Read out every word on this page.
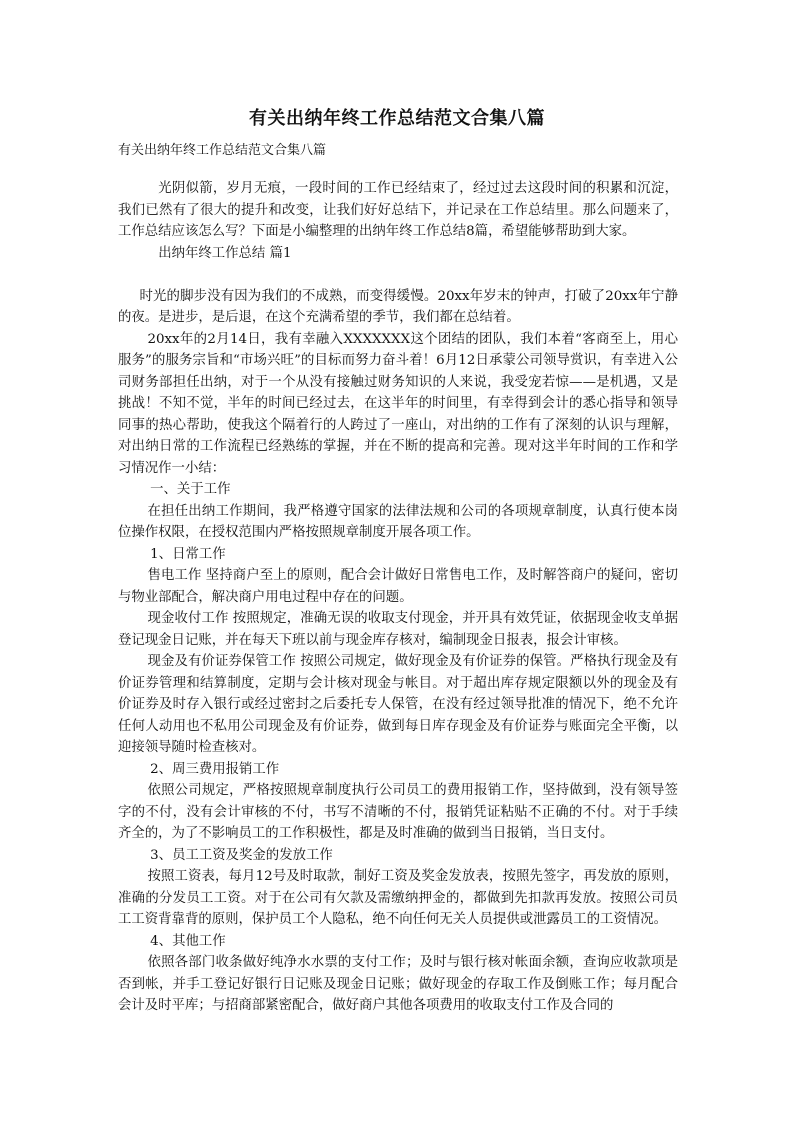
有关出纳年终工作总结范文合集八篇
有关出纳年终工作总结范文合集八篇

光阴似箭，岁月无痕，一段时间的工作已经结束了，经过过去这段时间的积累和沉淀，我们已然有了很大的提升和改变，让我们好好总结下，并记录在工作总结里。那么问题来了，工作总结应该怎么写？下面是小编整理的出纳年终工作总结8篇，希望能够帮助到大家。

出纳年终工作总结 篇1

时光的脚步没有因为我们的不成熟，而变得缓慢。20xx年岁末的钟声，打破了20xx年宁静的夜。是进步，是后退，在这个充满希望的季节，我们都在总结着。

20xx年的2月14日，我有幸融入XXXXXXX这个团结的团队，我们本着“客商至上，用心服务”的服务宗旨和“市场兴旺”的目标而努力奋斗着！6月12日承蒙公司领导赏识，有幸进入公司财务部担任出纳，对于一个从没有接触过财务知识的人来说，我受宠若惊——是机遇，又是挑战！不知不觉，半年的时间已经过去，在这半年的时间里，有幸得到会计的悉心指导和领导同事的热心帮助，使我这个隔着行的人跨过了一座山，对出纳的工作有了深刻的认识与理解，对出纳日常的工作流程已经熟练的掌握，并在不断的提高和完善。现对这半年时间的工作和学习情况作一小结：

一、关于工作

在担任出纳工作期间，我严格遵守国家的法律法规和公司的各项规章制度，认真行使本岗位操作权限，在授权范围内严格按照规章制度开展各项工作。

1、日常工作

售电工作 坚持商户至上的原则，配合会计做好日常售电工作，及时解答商户的疑问，密切与物业部配合，解决商户用电过程中存在的问题。

现金收付工作 按照规定，准确无误的收取支付现金，并开具有效凭证，依据现金收支单据登记现金日记账，并在每天下班以前与现金库存核对，编制现金日报表，报会计审核。

现金及有价证券保管工作 按照公司规定，做好现金及有价证券的保管。严格执行现金及有价证券管理和结算制度，定期与会计核对现金与帐目。对于超出库存规定限额以外的现金及有价证券及时存入银行或经过密封之后委托专人保管，在没有经过领导批准的情况下，绝不允许任何人动用也不私用公司现金及有价证券，做到每日库存现金及有价证券与账面完全平衡，以迎接领导随时检查核对。

2、周三费用报销工作

依照公司规定，严格按照规章制度执行公司员工的费用报销工作，坚持做到，没有领导签字的不付，没有会计审核的不付，书写不清晰的不付，报销凭证粘贴不正确的不付。对于手续齐全的，为了不影响员工的工作积极性，都是及时准确的做到当日报销，当日支付。

3、员工工资及奖金的发放工作

按照工资表，每月12号及时取款，制好工资及奖金发放表，按照先签字，再发放的原则，准确的分发员工工资。对于在公司有欠款及需缴纳押金的，都做到先扣款再发放。按照公司员工工资背靠背的原则，保护员工个人隐私，绝不向任何无关人员提供或泄露员工的工资情况。

4、其他工作

依照各部门收条做好纯净水水票的支付工作；及时与银行核对帐面余额，查询应收款项是否到帐，并手工登记好银行日记账及现金日记账；做好现金的存取工作及倒账工作；每月配合会计及时平库；与招商部紧密配合，做好商户其他各项费用的收取支付工作及合同的
